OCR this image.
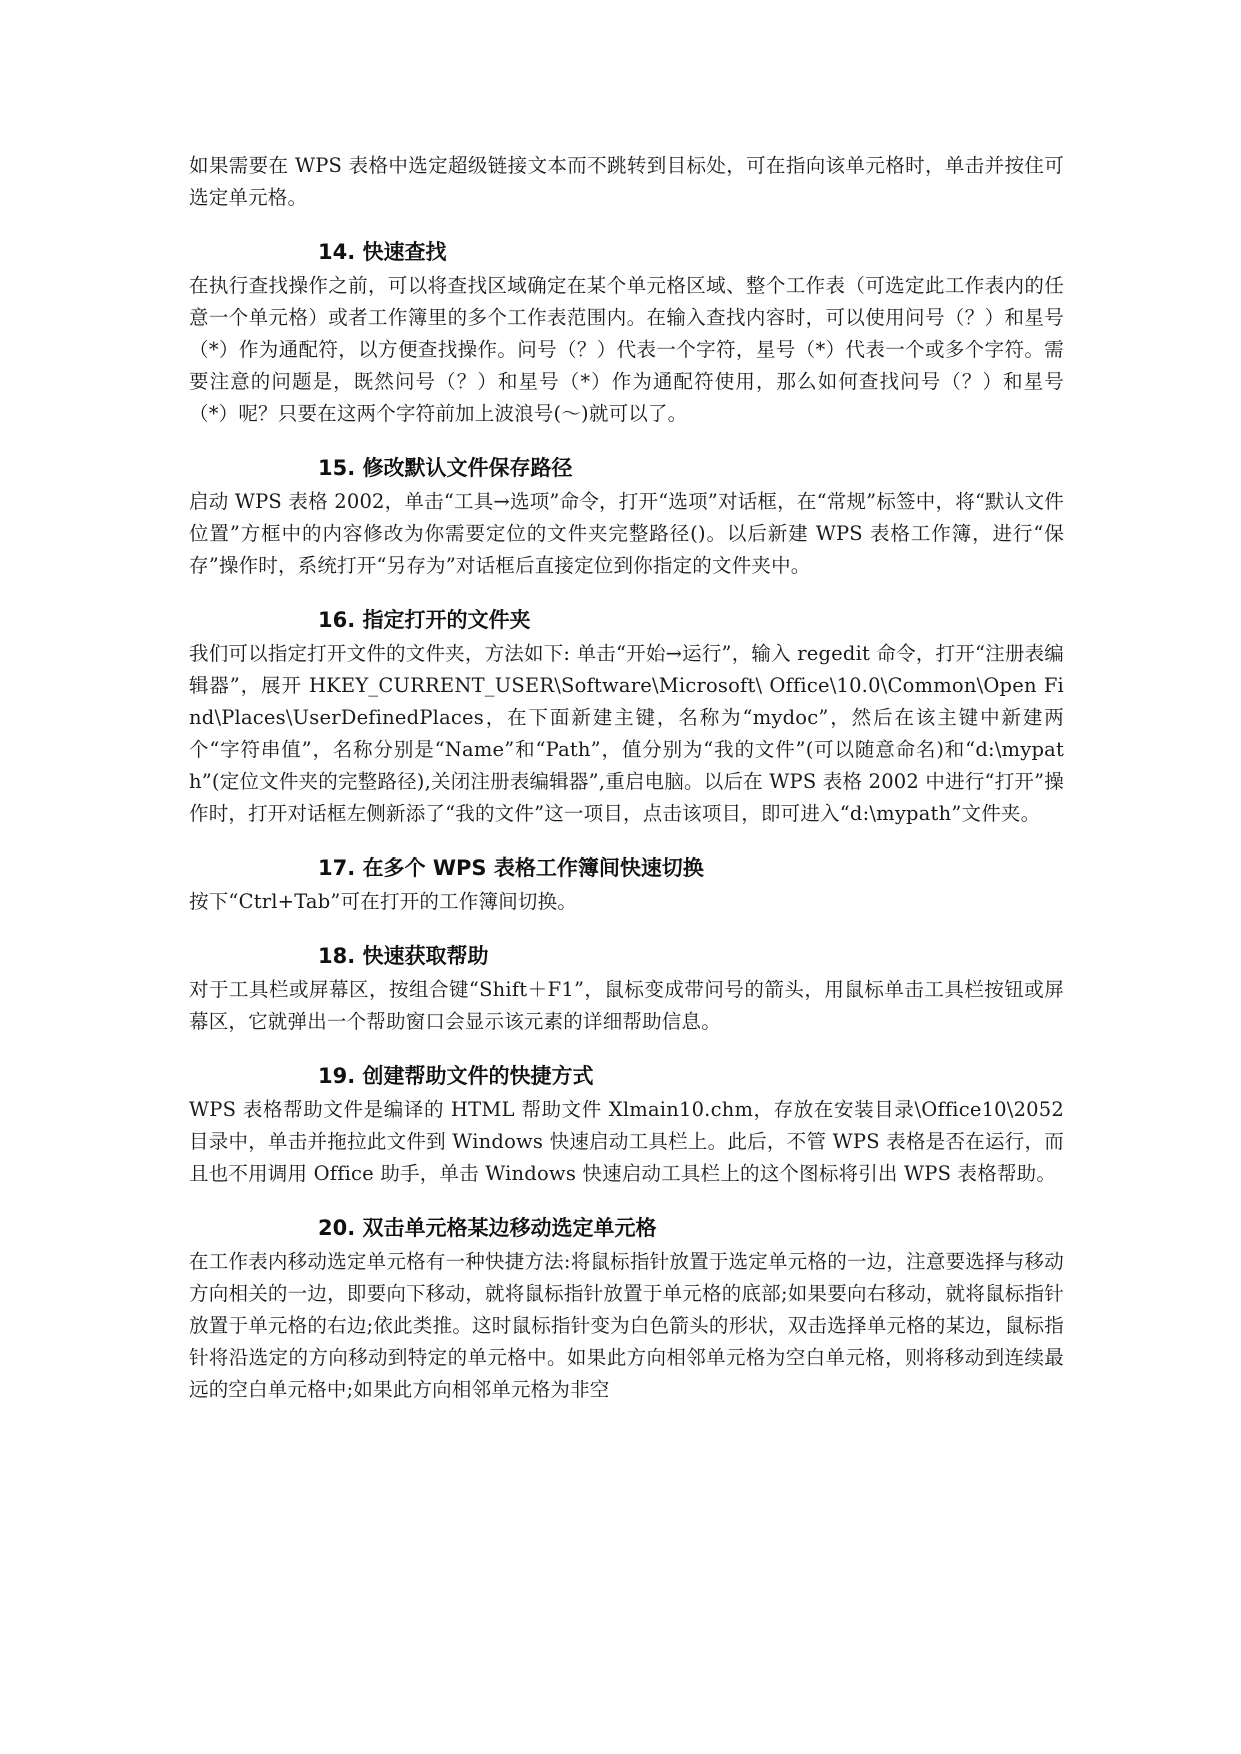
如果需要在 WPS 表格中选定超级链接文本而不跳转到目标处，可在指向该单元格时，单击并按住可选定单元格。

14. 快速查找

在执行查找操作之前，可以将查找区域确定在某个单元格区域、整个工作表（可选定此工作表内的任意一个单元格）或者工作簿里的多个工作表范围内。在输入查找内容时，可以使用问号（？）和星号（*）作为通配符，以方便查找操作。问号（？）代表一个字符，星号（*）代表一个或多个字符。需要注意的问题是，既然问号（？）和星号（*）作为通配符使用，那么如何查找问号（？）和星号（*）呢？只要在这两个字符前加上波浪号(～)就可以了。

15. 修改默认文件保存路径

启动 WPS 表格 2002，单击“工具→选项”命令，打开“选项”对话框，在“常规”标签中，将“默认文件位置”方框中的内容修改为你需要定位的文件夹完整路径()。以后新建 WPS 表格工作簿，进行“保存”操作时，系统打开“另存为”对话框后直接定位到你指定的文件夹中。

16. 指定打开的文件夹

我们可以指定打开文件的文件夹，方法如下: 单击“开始→运行”，输入 regedit 命令，打开“注册表编辑器”，展开 HKEY_CURRENT_USER\Software\Microsoft\ Office\10.0\Common\Open Find\Places\UserDefinedPlaces，在下面新建主键，名称为“mydoc”，然后在该主键中新建两个“字符串值”，名称分别是“Name”和“Path”，值分别为“我的文件”(可以随意命名)和“d:\mypath”(定位文件夹的完整路径),关闭注册表编辑器”,重启电脑。以后在 WPS 表格 2002 中进行“打开”操作时，打开对话框左侧新添了“我的文件”这一项目，点击该项目，即可进入“d:\mypath”文件夹。

17. 在多个 WPS 表格工作簿间快速切换

按下“Ctrl+Tab”可在打开的工作簿间切换。

18. 快速获取帮助

对于工具栏或屏幕区，按组合键“Shift＋F1”，鼠标变成带问号的箭头，用鼠标单击工具栏按钮或屏幕区，它就弹出一个帮助窗口会显示该元素的详细帮助信息。

19. 创建帮助文件的快捷方式

WPS 表格帮助文件是编译的 HTML 帮助文件 Xlmain10.chm，存放在安装目录\Office10\2052 目录中，单击并拖拉此文件到 Windows 快速启动工具栏上。此后，不管 WPS 表格是否在运行，而且也不用调用 Office 助手，单击 Windows 快速启动工具栏上的这个图标将引出 WPS 表格帮助。

20. 双击单元格某边移动选定单元格

在工作表内移动选定单元格有一种快捷方法:将鼠标指针放置于选定单元格的一边，注意要选择与移动方向相关的一边，即要向下移动，就将鼠标指针放置于单元格的底部;如果要向右移动，就将鼠标指针放置于单元格的右边;依此类推。这时鼠标指针变为白色箭头的形状，双击选择单元格的某边，鼠标指针将沿选定的方向移动到特定的单元格中。如果此方向相邻单元格为空白单元格，则将移动到连续最远的空白单元格中;如果此方向相邻单元格为非空
